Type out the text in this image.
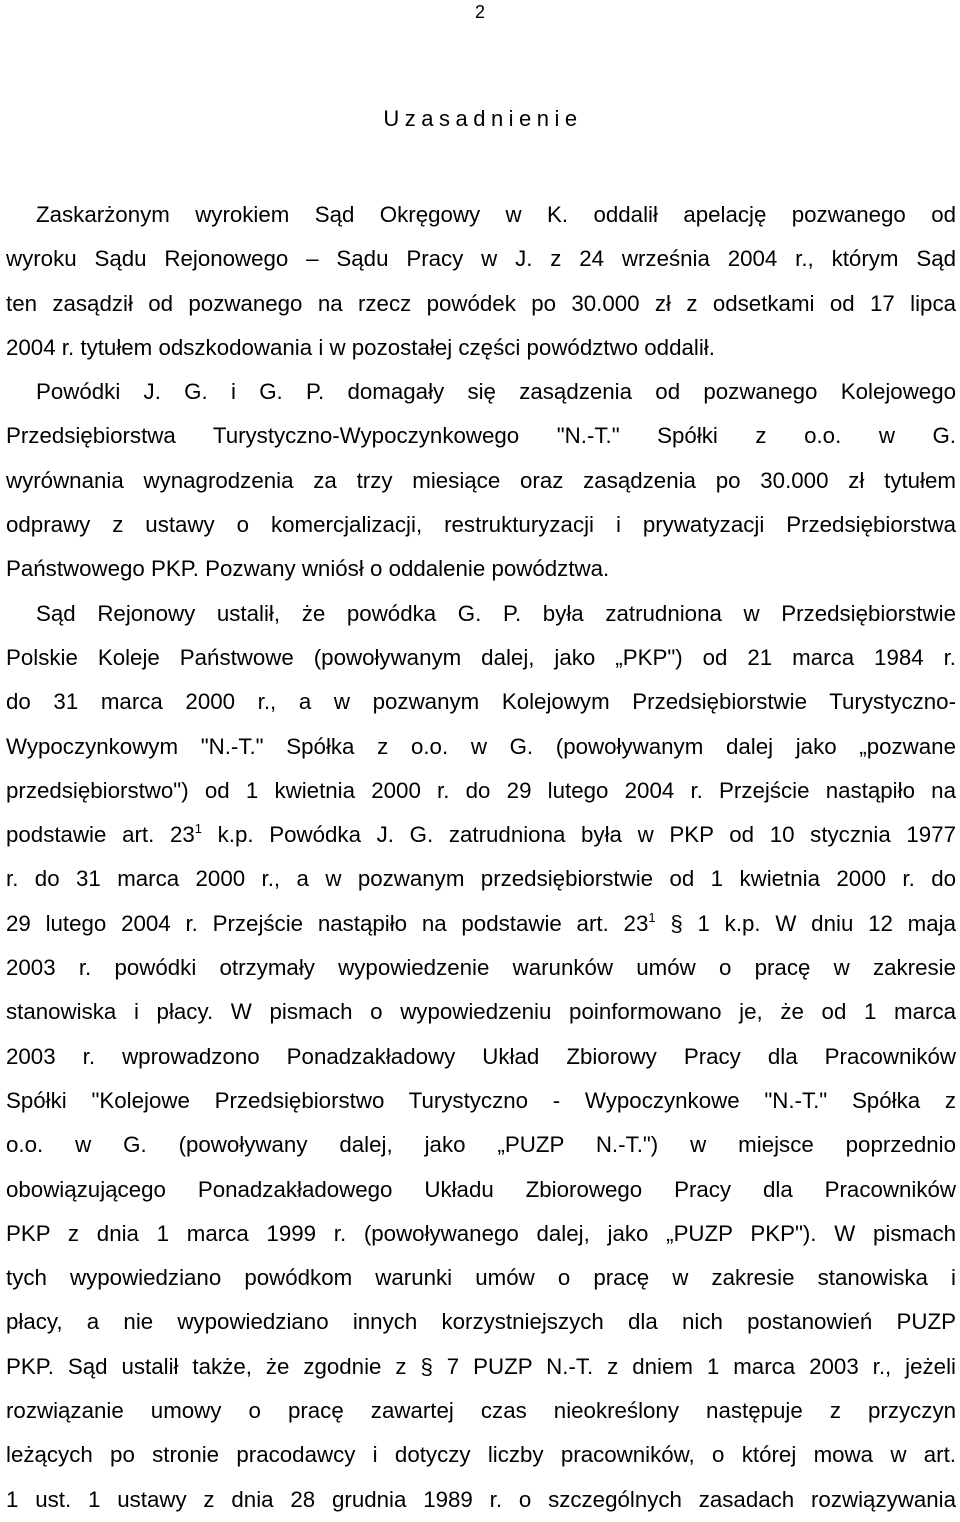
2
Uzasadnienie
Zaskarżonym wyrokiem Sąd Okręgowy w K. oddalił apelację pozwanego od
wyroku Sądu Rejonowego – Sądu Pracy w J. z 24 września 2004 r., którym Sąd
ten zasądził od pozwanego na rzecz powódek po 30.000 zł z odsetkami od 17 lipca
2004 r. tytułem odszkodowania i w pozostałej części powództwo oddalił.
Powódki J. G. i G. P. domagały się zasądzenia od pozwanego Kolejowego
Przedsiębiorstwa Turystyczno-Wypoczynkowego "N.-T." Spółki z o.o. w G.
wyrównania wynagrodzenia za trzy miesiące oraz zasądzenia po 30.000 zł tytułem
odprawy z ustawy o komercjalizacji, restrukturyzacji i prywatyzacji Przedsiębiorstwa
Państwowego PKP. Pozwany wniósł o oddalenie powództwa.
Sąd Rejonowy ustalił, że powódka G. P. była zatrudniona w Przedsiębiorstwie
Polskie Koleje Państwowe (powoływanym dalej, jako „PKP") od 21 marca 1984 r.
do 31 marca 2000 r., a w pozwanym Kolejowym Przedsiębiorstwie Turystyczno-
Wypoczynkowym "N.-T." Spółka z o.o. w G. (powoływanym dalej jako „pozwane
przedsiębiorstwo") od 1 kwietnia 2000 r. do 29 lutego 2004 r. Przejście nastąpiło na
podstawie art. $23^1$ k.p. Powódka J. G. zatrudniona była w PKP od 10 stycznia 1977
r. do 31 marca 2000 r., a w pozwanym przedsiębiorstwie od 1 kwietnia 2000 r. do
29 lutego 2004 r. Przejście nastąpiło na podstawie art. $23^1$ § 1 k.p. W dniu 12 maja
2003 r. powódki otrzymały wypowiedzenie warunków umów o pracę w zakresie
stanowiska i płacy. W pismach o wypowiedzeniu poinformowano je, że od 1 marca
2003 r. wprowadzono Ponadzakładowy Układ Zbiorowy Pracy dla Pracowników
Spółki "Kolejowe Przedsiębiorstwo Turystyczno - Wypoczynkowe "N.-T." Spółka z
o.o. w G. (powoływany dalej, jako „PUZP N.-T.") w miejsce poprzednio
obowiązującego Ponadzakładowego Układu Zbiorowego Pracy dla Pracowników
PKP z dnia 1 marca 1999 r. (powoływanego dalej, jako „PUZP PKP"). W pismach
tych wypowiedziano powódkom warunki umów o pracę w zakresie stanowiska i
płacy, a nie wypowiedziano innych korzystniejszych dla nich postanowień PUZP
PKP. Sąd ustalił także, że zgodnie z § 7 PUZP N.-T. z dniem 1 marca 2003 r., jeżeli
rozwiązanie umowy o pracę zawartej czas nieokreślony następuje z przyczyn
leżących po stronie pracodawcy i dotyczy liczby pracowników, o której mowa w art.
1 ust. 1 ustawy z dnia 28 grudnia 1989 r. o szczególnych zasadach rozwiązywania
